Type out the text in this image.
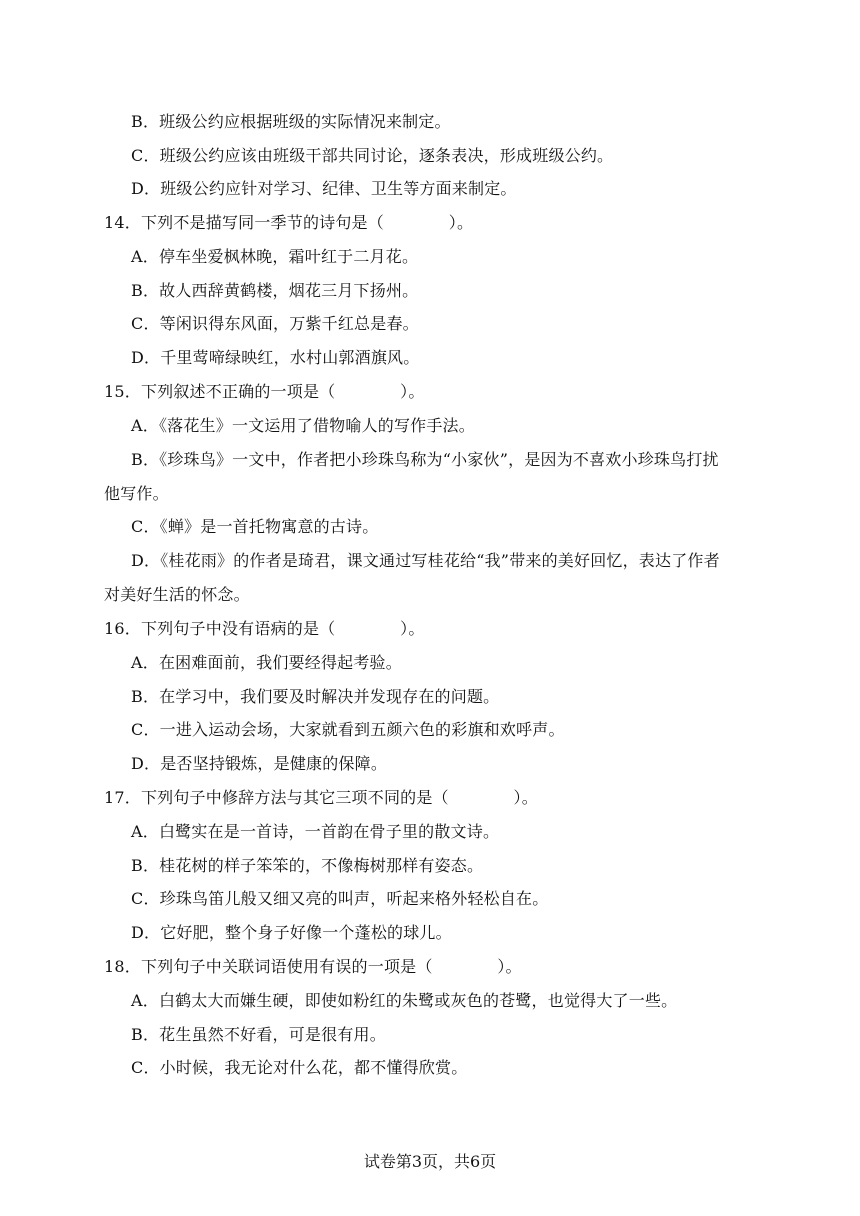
B．班级公约应根据班级的实际情况来制定。
C．班级公约应该由班级干部共同讨论，逐条表决，形成班级公约。
D．班级公约应针对学习、纪律、卫生等方面来制定。
14．下列不是描写同一季节的诗句是（　　　　）。
A．停车坐爱枫林晚，霜叶红于二月花。
B．故人西辞黄鹤楼，烟花三月下扬州。
C．等闲识得东风面，万紫千红总是春。
D．千里莺啼绿映红，水村山郭酒旗风。
15．下列叙述不正确的一项是（　　　　）。
A．《落花生》一文运用了借物喻人的写作手法。
B．《珍珠鸟》一文中，作者把小珍珠鸟称为“小家伙”，是因为不喜欢小珍珠鸟打扰
他写作。
C．《蝉》是一首托物寓意的古诗。
D．《桂花雨》的作者是琦君，课文通过写桂花给“我”带来的美好回忆，表达了作者
对美好生活的怀念。
16．下列句子中没有语病的是（　　　　）。
A．在困难面前，我们要经得起考验。
B．在学习中，我们要及时解决并发现存在的问题。
C．一进入运动会场，大家就看到五颜六色的彩旗和欢呼声。
D．是否坚持锻炼，是健康的保障。
17．下列句子中修辞方法与其它三项不同的是（　　　　）。
A．白鹭实在是一首诗，一首韵在骨子里的散文诗。
B．桂花树的样子笨笨的，不像梅树那样有姿态。
C．珍珠鸟笛儿般又细又亮的叫声，听起来格外轻松自在。
D．它好肥，整个身子好像一个蓬松的球儿。
18．下列句子中关联词语使用有误的一项是（　　　　）。
A．白鹤太大而嫌生硬，即使如粉红的朱鹭或灰色的苍鹭，也觉得大了一些。
B．花生虽然不好看，可是很有用。
C．小时候，我无论对什么花，都不懂得欣赏。
试卷第3页，共6页
